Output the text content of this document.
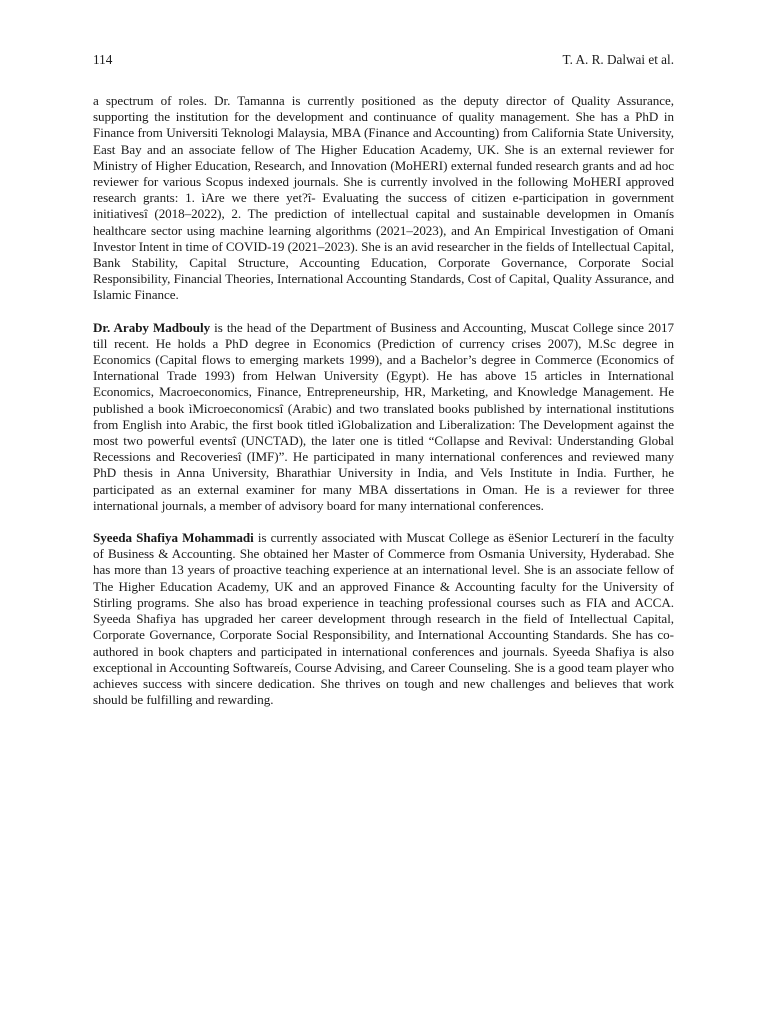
114	T. A. R. Dalwai et al.

a spectrum of roles. Dr. Tamanna is currently positioned as the deputy director of Quality Assurance, supporting the institution for the development and continuance of quality management. She has a PhD in Finance from Universiti Teknologi Malaysia, MBA (Finance and Accounting) from California State University, East Bay and an associate fellow of The Higher Education Academy, UK. She is an external reviewer for Ministry of Higher Education, Research, and Innovation (MoHERI) external funded research grants and ad hoc reviewer for various Scopus indexed journals. She is currently involved in the following MoHERI approved research grants: 1. ìAre we there yet?î- Evaluating the success of citizen e-participation in government initiativesî (2018–2022), 2. The prediction of intellectual capital and sustainable developmen in Omanís healthcare sector using machine learning algorithms (2021–2023), and An Empirical Investigation of Omani Investor Intent in time of COVID-19 (2021–2023). She is an avid researcher in the fields of Intellectual Capital, Bank Stability, Capital Structure, Accounting Education, Corporate Governance, Corporate Social Responsibility, Financial Theories, International Accounting Standards, Cost of Capital, Quality Assurance, and Islamic Finance.

Dr. Araby Madbouly is the head of the Department of Business and Accounting, Muscat College since 2017 till recent. He holds a PhD degree in Economics (Prediction of currency crises 2007), M.Sc degree in Economics (Capital flows to emerging markets 1999), and a Bachelor’s degree in Commerce (Economics of International Trade 1993) from Helwan University (Egypt). He has above 15 articles in International Economics, Macroeconomics, Finance, Entrepreneurship, HR, Marketing, and Knowledge Management. He published a book ìMicroeconomicsî (Arabic) and two translated books published by international institutions from English into Arabic, the first book titled ìGlobalization and Liberalization: The Development against the most two powerful eventsî (UNCTAD), the later one is titled “Collapse and Revival: Understanding Global Recessions and Recoveriesî (IMF)”. He participated in many international conferences and reviewed many PhD thesis in Anna University, Bharathiar University in India, and Vels Institute in India. Further, he participated as an external examiner for many MBA dissertations in Oman. He is a reviewer for three international journals, a member of advisory board for many international conferences.

Syeeda Shafiya Mohammadi is currently associated with Muscat College as ëSenior Lecturerí in the faculty of Business & Accounting. She obtained her Master of Commerce from Osmania University, Hyderabad. She has more than 13 years of proactive teaching experience at an international level. She is an associate fellow of The Higher Education Academy, UK and an approved Finance & Accounting faculty for the University of Stirling programs. She also has broad experience in teaching professional courses such as FIA and ACCA. Syeeda Shafiya has upgraded her career development through research in the field of Intellectual Capital, Corporate Governance, Corporate Social Responsibility, and International Accounting Standards. She has co-authored in book chapters and participated in international conferences and journals. Syeeda Shafiya is also exceptional in Accounting Softwareís, Course Advising, and Career Counseling. She is a good team player who achieves success with sincere dedication. She thrives on tough and new challenges and believes that work should be fulfilling and rewarding.
